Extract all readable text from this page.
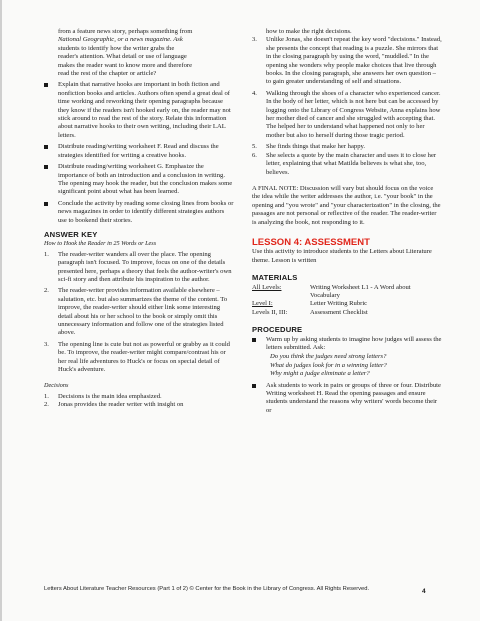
from a feature news story, perhaps something from

National Geographic, or a news magazine. Ask

students to identify how the writer grabs the

reader's attention. What detail or use of language

makes the reader want to know more and therefore

read the rest of the chapter or article?

Explain that narrative hooks are important in both fiction and nonfiction books and articles. Authors often spend a great deal of time working and reworking their opening paragraphs because they know if the readers isn't hooked early on, the reader may not stick around to read the rest of the story. Relate this information about narrative hooks to their own writing, including their LAL letters.
Distribute reading/writing worksheet F. Read and discuss the strategies identified for writing a creative hooks.
Distribute reading/writing worksheet G. Emphasize the importance of both an introduction and a conclusion in writing. The opening may hook the reader, but the conclusion makes some significant point about what has been learned.
Conclude the activity by reading some closing lines from books or news magazines in order to identify different strategies authors use to bookend their stories.
ANSWER KEY
How to Hook the Reader in 25 Words or Less
1. The reader-writer wanders all over the place. The opening paragraph isn't focused. To improve, focus on one of the details presented here, perhaps a theory that feels the author-writer's own sci-fi story and then attribute his inspiration to the author.
2. The reader-writer provides information available elsewhere – salutation, etc. but also summarizes the theme of the content. To improve, the reader-writer should either link some interesting detail about his or her school to the book or simply omit this unnecessary information and follow one of the strategies listed above.
3. The opening line is cute but not as powerful or grabby as it could be. To improve, the reader-writer might compare/contrast his or her real life adventures to Huck's or focus on special detail of Huck's adventure.
Decisions
1. Decisions is the main idea emphasized.
2. Jonas provides the reader writer with insight on

how to make the right decisions.

3. Unlike Jonas, she doesn't repeat the key word "decisions." Instead, she presents the concept that reading is a puzzle. She mirrors that in the closing paragraph by using the word, "muddled." In the opening she wonders why people make choices that live through books. In the closing paragraph, she answers her own question – to gain greater understanding of self and situations.
4. Walking through the shoes of a character who experienced cancer. In the body of her letter, which is not here but can be accessed by logging onto the Library of Congress Website, Anna explains how her mother died of cancer and she struggled with accepting that. The helped her to understand what happened not only to her mother but also to herself during those tragic period.
5. She finds things that make her happy.
6. She selects a quote by the main character and uses it to close her letter, explaining that what Matilda believes is what she, too, believes.

A FINAL NOTE: Discussion will vary but should focus on the voice the idea while the writer addresses the author, i.e. "your book" in the opening and "you wrote" and "your characterization" in the closing, the passages are not personal or reflective of the reader. The reader-writer is analyzing the book, not responding to it.

LESSON 4: ASSESSMENT

Use this activity to introduce students to the Letters about Literature theme. Lesson is written

MATERIALS
All Levels:	Writing Worksheet L1 - A Word about Vocabulary
Level I:	Letter Writing Rubric
Levels II, III:	Assessment Checklist
PROCEDURE
Warm up by asking students to imagine how judges will assess the letters submitted. Ask:

Do you think the judges need strong letters?

What do judges look for in a winning letter?

Why might a judge eliminate a letter?

Ask students to work in pairs or groups of three or four. Distribute Writing worksheet H. Read the opening passages and ensure students understand the reasons why writers' words become their or
Letters About Literature Teacher Resources (Part 1 of 2) © Center for the Book in the Library of Congress. All Rights Reserved.	4
